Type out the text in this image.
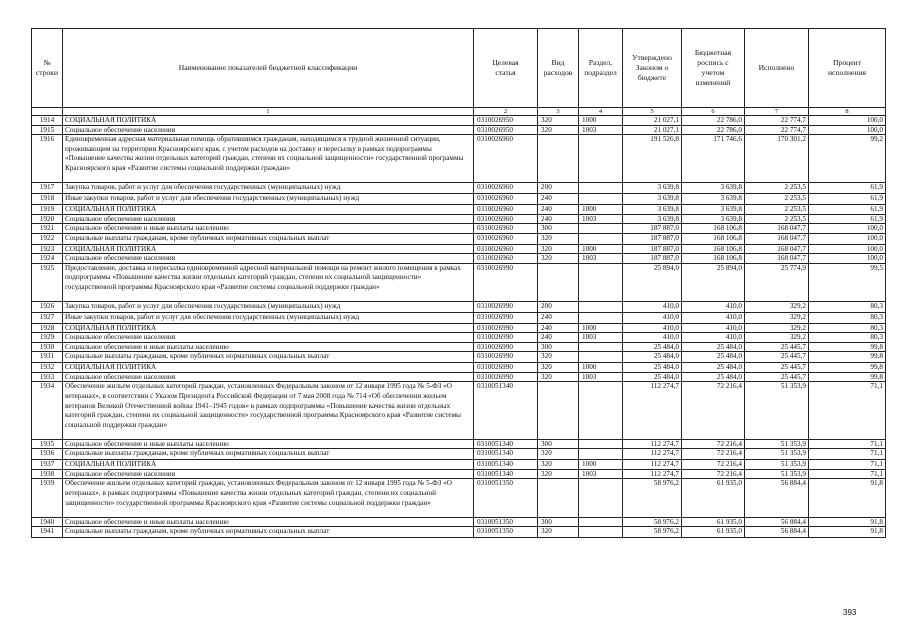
№
строки	Наименование показателей бюджетной классификации	Целевая
статья	Вид
расходов	Раздел,
подраздел	Утверждено
Законом о
бюджете	Бюджетная
роспись с
учетом
изменений	Исполнено	Процент
исполнения
	1	2	3	4	5	6	7	8
1914	СОЦИАЛЬНАЯ ПОЛИТИКА	0310026950	320	1000	21 027,1	22 786,0	22 774,7	100,0
1915	Социальное обеспечение населения	0310026950	320	1003	21 027,1	22 786,0	22 774,7	100,0
1916	Единовременная адресная материальная помощь обратившимся гражданам, находящимся в трудной жизненной ситуации, проживающим на территории Красноярского края, с учетом расходов на доставку и пересылку в рамках подпрограммы «Повышение качества жизни отдельных категорий граждан, степени их социальной защищенности» государственной программы Красноярского края «Развитие системы социальной поддержки граждан»	0310026960			191 526,8	171 746,6	170 301,2	99,2
1917	Закупка товаров, работ и услуг для обеспечения государственных (муниципальных) нужд	0310026960	200		3 639,8	3 639,8	2 253,5	61,9
1918	Иные закупки товаров, работ и услуг для обеспечения государственных (муниципальных) нужд	0310026960	240		3 639,8	3 639,8	2 253,5	61,9
1919	СОЦИАЛЬНАЯ ПОЛИТИКА	0310026960	240	1000	3 639,8	3 639,8	2 253,5	61,9
1920	Социальное обеспечение населения	0310026960	240	1003	3 639,8	3 639,8	2 253,5	61,9
1921	Социальное обеспечение и иные выплаты населению	0310026960	300		187 887,0	168 106,8	168 047,7	100,0
1922	Социальные выплаты гражданам, кроме публичных нормативных социальных выплат	0310026960	320		187 887,0	168 106,8	168 047,7	100,0
1923	СОЦИАЛЬНАЯ ПОЛИТИКА	0310026960	320	1000	187 887,0	168 106,8	168 047,7	100,0
1924	Социальное обеспечение населения	0310026960	320	1003	187 887,0	168 106,8	168 047,7	100,0
1925	Предоставление, доставка и пересылка единовременной адресной материальной помощи на ремонт жилого помещения в рамках подпрограммы «Повышение качества жизни отдельных категорий граждан, степени их социальной защищенности» государственной программы Красноярского края «Развитие системы социальной поддержки граждан»	0310026990			25 894,0	25 894,0	25 774,9	99,5
1926	Закупка товаров, работ и услуг для обеспечения государственных (муниципальных) нужд	0310026990	200		410,0	410,0	329,2	80,3
1927	Иные закупки товаров, работ и услуг для обеспечения государственных (муниципальных) нужд	0310026990	240		410,0	410,0	329,2	80,3
1928	СОЦИАЛЬНАЯ ПОЛИТИКА	0310026990	240	1000	410,0	410,0	329,2	80,3
1929	Социальное обеспечение населения	0310026990	240	1003	410,0	410,0	329,2	80,3
1930	Социальное обеспечение и иные выплаты населению	0310026990	300		25 484,0	25 484,0	25 445,7	99,8
1931	Социальные выплаты гражданам, кроме публичных нормативных социальных выплат	0310026990	320		25 484,0	25 484,0	25 445,7	99,8
1932	СОЦИАЛЬНАЯ ПОЛИТИКА	0310026990	320	1000	25 484,0	25 484,0	25 445,7	99,8
1933	Социальное обеспечение населения	0310026990	320	1003	25 484,0	25 484,0	25 445,7	99,8
1934	Обеспечение жильем отдельных категорий граждан, установленных Федеральным законом от 12 января 1995 года № 5-ФЗ «О ветеранах», в соответствии с Указом Президента Российской Федерации от 7 мая 2008 года № 714 «Об обеспечении жильем ветеранов Великой Отечественной войны 1941–1945 годов» в рамках подпрограммы «Повышение качества жизни отдельных категорий граждан, степени их социальной защищенности» государственной программы Красноярского края «Развитие системы социальной поддержки граждан»	0310051340			112 274,7	72 216,4	51 353,9	71,1
1935	Социальное обеспечение и иные выплаты населению	0310051340	300		112 274,7	72 216,4	51 353,9	71,1
1936	Социальные выплаты гражданам, кроме публичных нормативных социальных выплат	0310051340	320		112 274,7	72 216,4	51 353,9	71,1
1937	СОЦИАЛЬНАЯ ПОЛИТИКА	0310051340	320	1000	112 274,7	72 216,4	51 353,9	71,1
1938	Социальное обеспечение населения	0310051340	320	1003	112 274,7	72 216,4	51 353,9	71,1
1939	Обеспечение жильем отдельных категорий граждан, установленных Федеральным законом от 12 января 1995 года № 5-ФЗ «О ветеранах», в рамках подпрограммы «Повышение качества жизни отдельных категорий граждан, степени их социальной защищенности» государственной программы Красноярского края «Развитие системы социальной поддержки граждан»	0310051350			58 976,2	61 935,0	56 884,4	91,8
1940	Социальное обеспечение и иные выплаты населению	0310051350	300		58 976,2	61 935,0	56 884,4	91,8
1941	Социальные выплаты гражданам, кроме публичных нормативных социальных выплат	0310051350	320		58 976,2	61 935,0	56 884,4	91,8
393
